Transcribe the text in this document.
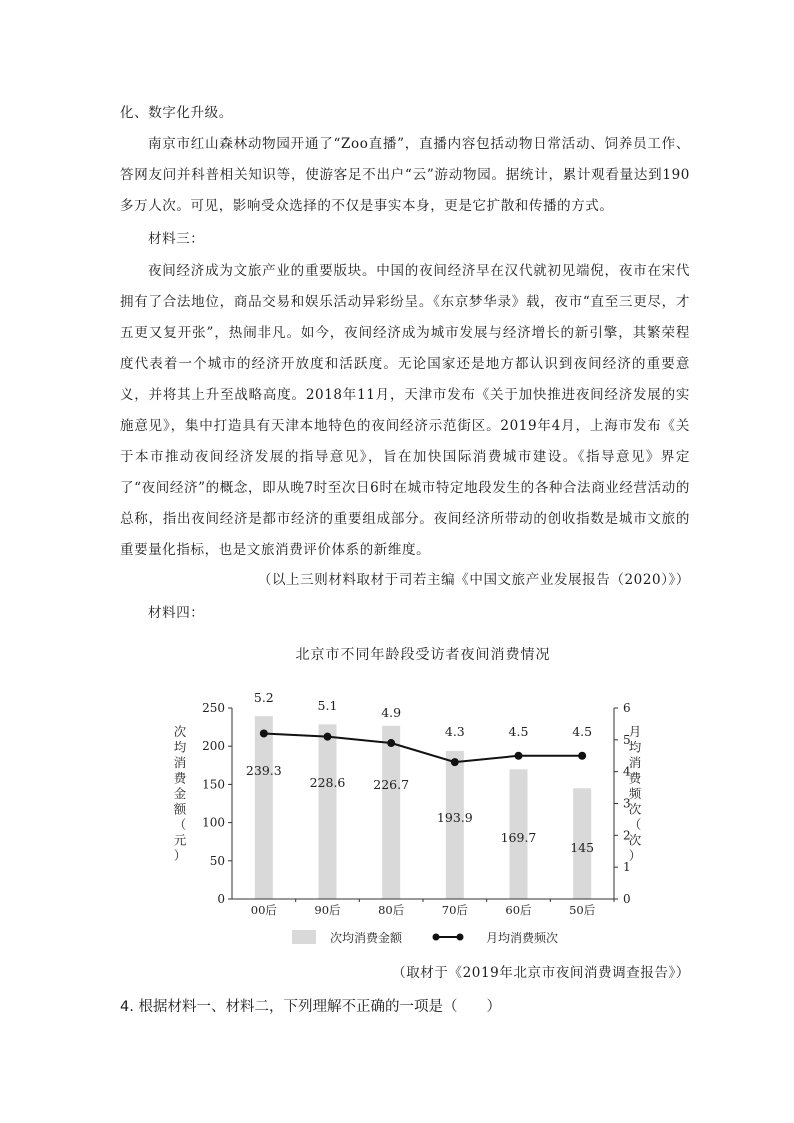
化、数字化升级。

南京市红山森林动物园开通了“Zoo直播”，直播内容包括动物日常活动、饲养员工作、答网友问并科普相关知识等，使游客足不出户“云”游动物园。据统计，累计观看量达到190多万人次。可见，影响受众选择的不仅是事实本身，更是它扩散和传播的方式。

材料三：

夜间经济成为文旅产业的重要版块。中国的夜间经济早在汉代就初见端倪，夜市在宋代拥有了合法地位，商品交易和娱乐活动异彩纷呈。《东京梦华录》载，夜市“直至三更尽，才五更又复开张”，热闹非凡。如今，夜间经济成为城市发展与经济增长的新引擎，其繁荣程度代表着一个城市的经济开放度和活跃度。无论国家还是地方都认识到夜间经济的重要意义，并将其上升至战略高度。2018年11月，天津市发布《关于加快推进夜间经济发展的实施意见》，集中打造具有天津本地特色的夜间经济示范街区。2019年4月，上海市发布《关于本市推动夜间经济发展的指导意见》，旨在加快国际消费城市建设。《指导意见》界定了“夜间经济”的概念，即从晚7时至次日6时在城市特定地段发生的各种合法商业经营活动的总称，指出夜间经济是都市经济的重要组成部分。夜间经济所带动的创收指数是城市文旅的重要量化指标，也是文旅消费评价体系的新维度。

（以上三则材料取材于司若主编《中国文旅产业发展报告（2020）》）

材料四：

北京市不同年龄段受访者夜间消费情况
0
50
100
150
200
250
0
1
2
3
4
5
6
00后	90后	80后	70后	60后	50后
239.3
228.6 226.7
193.9
169.7
145
5.2
5.1	4.9
4.3	4.5	4.5
次
均
消
费
金
额
（
元
）
月
均
消
费
频
次
（
次
）
次均消费金额	月均消费频次

（取材于《2019年北京市夜间消费调查报告》）

4. 根据材料一、材料二，下列理解不正确的一项是（　　）
